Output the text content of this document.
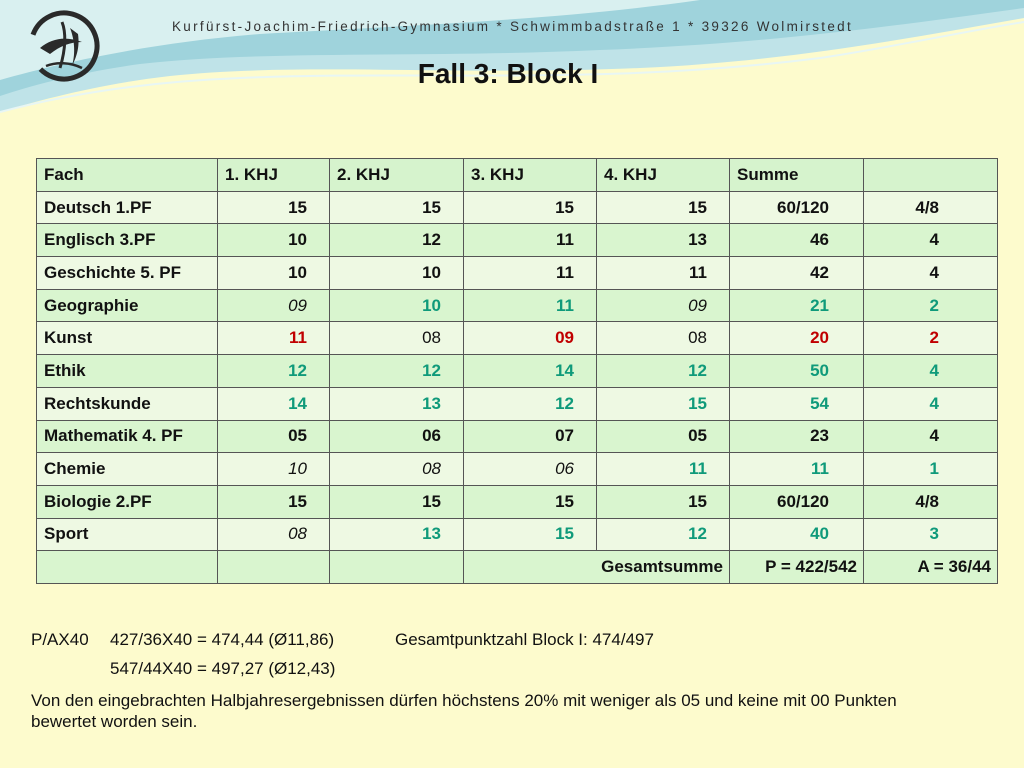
Kurfürst-Joachim-Friedrich-Gymnasium * Schwimmbadstraße 1 * 39326 Wolmirstedt
Fall 3: Block I
Fach	1. KHJ	2. KHJ	3. KHJ	4. KHJ	Summe	
Deutsch 1.PF	15	15	15	15	60/120	4/8
Englisch 3.PF	10	12	11	13	46	4
Geschichte 5. PF	10	10	11	11	42	4
Geographie	09	10	11	09	21	2
Kunst	11	08	09	08	20	2
Ethik	12	12	14	12	50	4
Rechtskunde	14	13	12	15	54	4
Mathematik 4. PF	05	06	07	05	23	4
Chemie	10	08	06	11	11	1
Biologie 2.PF	15	15	15	15	60/120	4/8
Sport	08	13	15	12	40	3
			Gesamtsumme		P = 422/542	A = 36/44
P/AX40 427/36X40 = 474,44 (Ø11,86)	Gesamtpunktzahl Block I: 474/497
547/44X40 = 497,27 (Ø12,43)
Von den eingebrachten Halbjahresergebnissen dürfen höchstens 20% mit weniger als 05 und keine mit 00 Punkten bewertet worden sein.
